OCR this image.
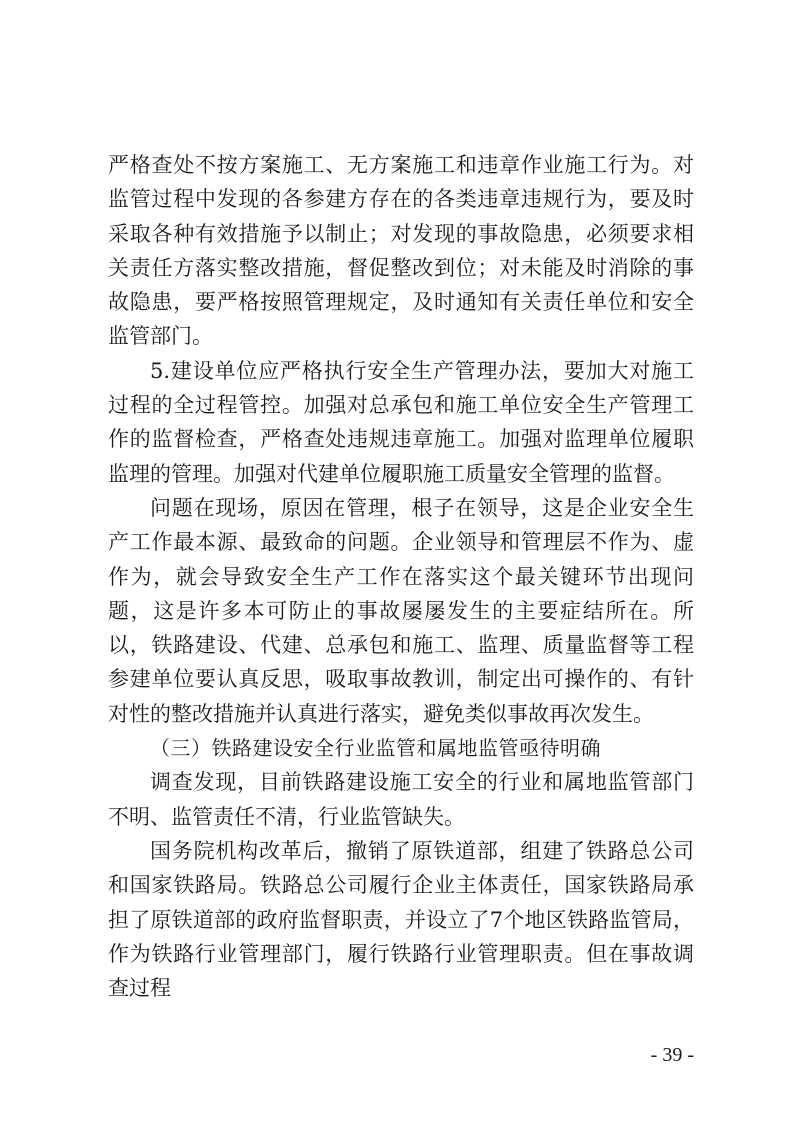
严格查处不按方案施工、无方案施工和违章作业施工行为。对监管过程中发现的各参建方存在的各类违章违规行为，要及时采取各种有效措施予以制止；对发现的事故隐患，必须要求相关责任方落实整改措施，督促整改到位；对未能及时消除的事故隐患，要严格按照管理规定，及时通知有关责任单位和安全监管部门。

5.建设单位应严格执行安全生产管理办法，要加大对施工过程的全过程管控。加强对总承包和施工单位安全生产管理工作的监督检查，严格查处违规违章施工。加强对监理单位履职监理的管理。加强对代建单位履职施工质量安全管理的监督。

问题在现场，原因在管理，根子在领导，这是企业安全生产工作最本源、最致命的问题。企业领导和管理层不作为、虚作为，就会导致安全生产工作在落实这个最关键环节出现问题，这是许多本可防止的事故屡屡发生的主要症结所在。所以，铁路建设、代建、总承包和施工、监理、质量监督等工程参建单位要认真反思，吸取事故教训，制定出可操作的、有针对性的整改措施并认真进行落实，避免类似事故再次发生。

（三）铁路建设安全行业监管和属地监管亟待明确

调查发现，目前铁路建设施工安全的行业和属地监管部门不明、监管责任不清，行业监管缺失。

国务院机构改革后，撤销了原铁道部，组建了铁路总公司和国家铁路局。铁路总公司履行企业主体责任，国家铁路局承担了原铁道部的政府监督职责，并设立了7个地区铁路监管局，作为铁路行业管理部门，履行铁路行业管理职责。但在事故调查过程

- 39 -
